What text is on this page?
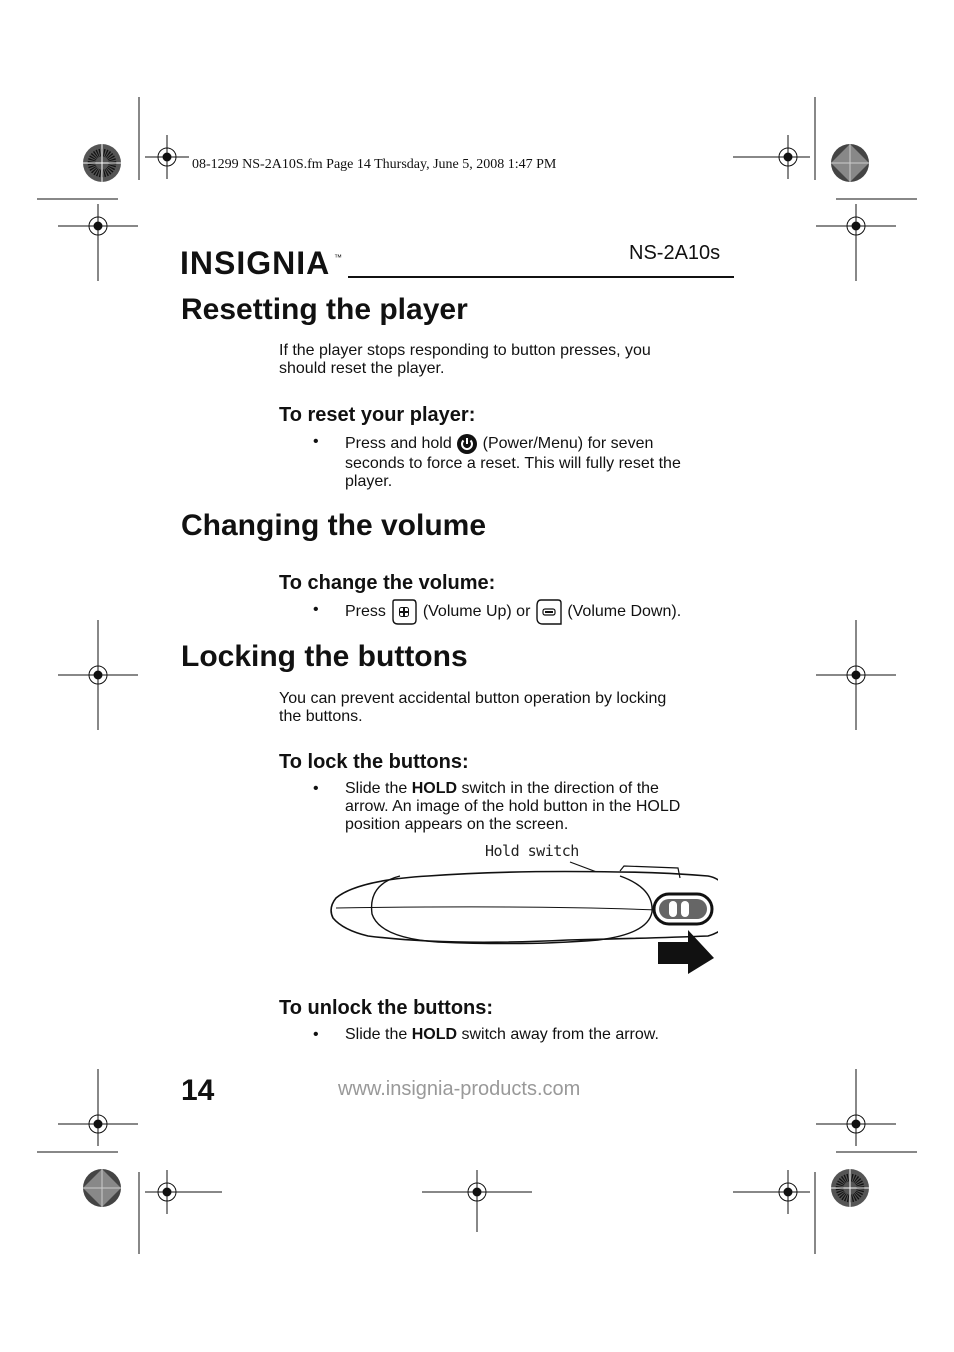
08-1299 NS-2A10S.fm Page 14 Thursday, June 5, 2008 1:47 PM
INSIGNIA ™	NS-2A10s
Resetting the player
If the player stops responding to button presses, you
should reset the player.
To reset your player:
• Press and hold (Power/Menu) for seven
seconds to force a reset. This will fully reset the
player.
Changing the volume
To change the volume:
• Press (Volume Up) or (Volume Down).
Locking the buttons
You can prevent accidental button operation by locking
the buttons.
To lock the buttons:
• Slide the HOLD switch in the direction of the
arrow. An image of the hold button in the HOLD
position appears on the screen.
Hold switch
To unlock the buttons:
• Slide the HOLD switch away from the arrow.
14	www.insignia-products.com
